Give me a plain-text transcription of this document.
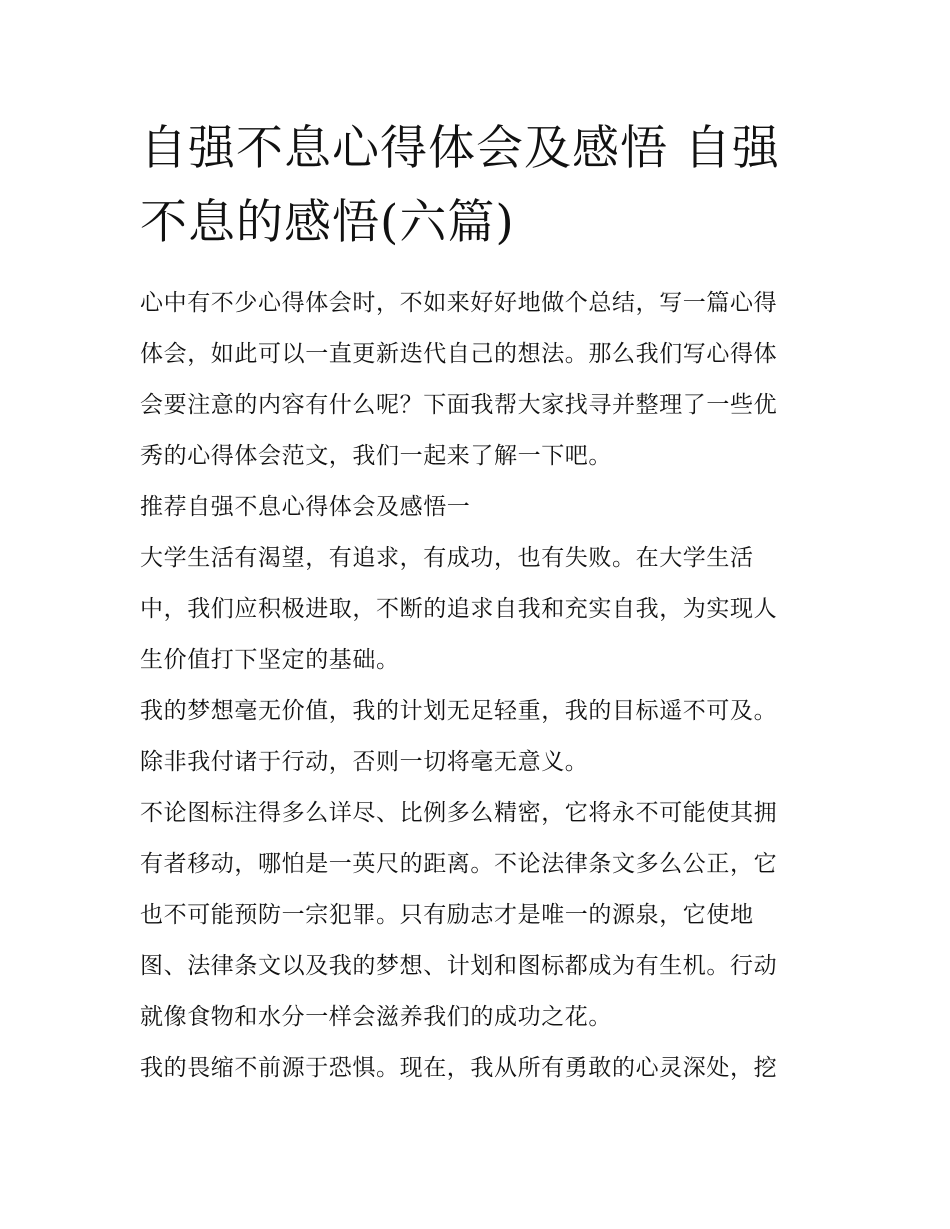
自强不息心得体会及感悟 自强
不息的感悟(六篇)
心中有不少心得体会时，不如来好好地做个总结，写一篇心得
体会，如此可以一直更新迭代自己的想法。那么我们写心得体
会要注意的内容有什么呢？下面我帮大家找寻并整理了一些优
秀的心得体会范文，我们一起来了解一下吧。
推荐自强不息心得体会及感悟一
大学生活有渴望，有追求，有成功，也有失败。在大学生活
中，我们应积极进取，不断的追求自我和充实自我，为实现人
生价值打下坚定的基础。
我的梦想毫无价值，我的计划无足轻重，我的目标遥不可及。
除非我付诸于行动，否则一切将毫无意义。
不论图标注得多么详尽、比例多么精密，它将永不可能使其拥
有者移动，哪怕是一英尺的距离。不论法律条文多么公正，它
也不可能预防一宗犯罪。只有励志才是唯一的源泉，它使地
图、法律条文以及我的梦想、计划和图标都成为有生机。行动
就像食物和水分一样会滋养我们的成功之花。
我的畏缩不前源于恐惧。现在，我从所有勇敢的心灵深处，挖
